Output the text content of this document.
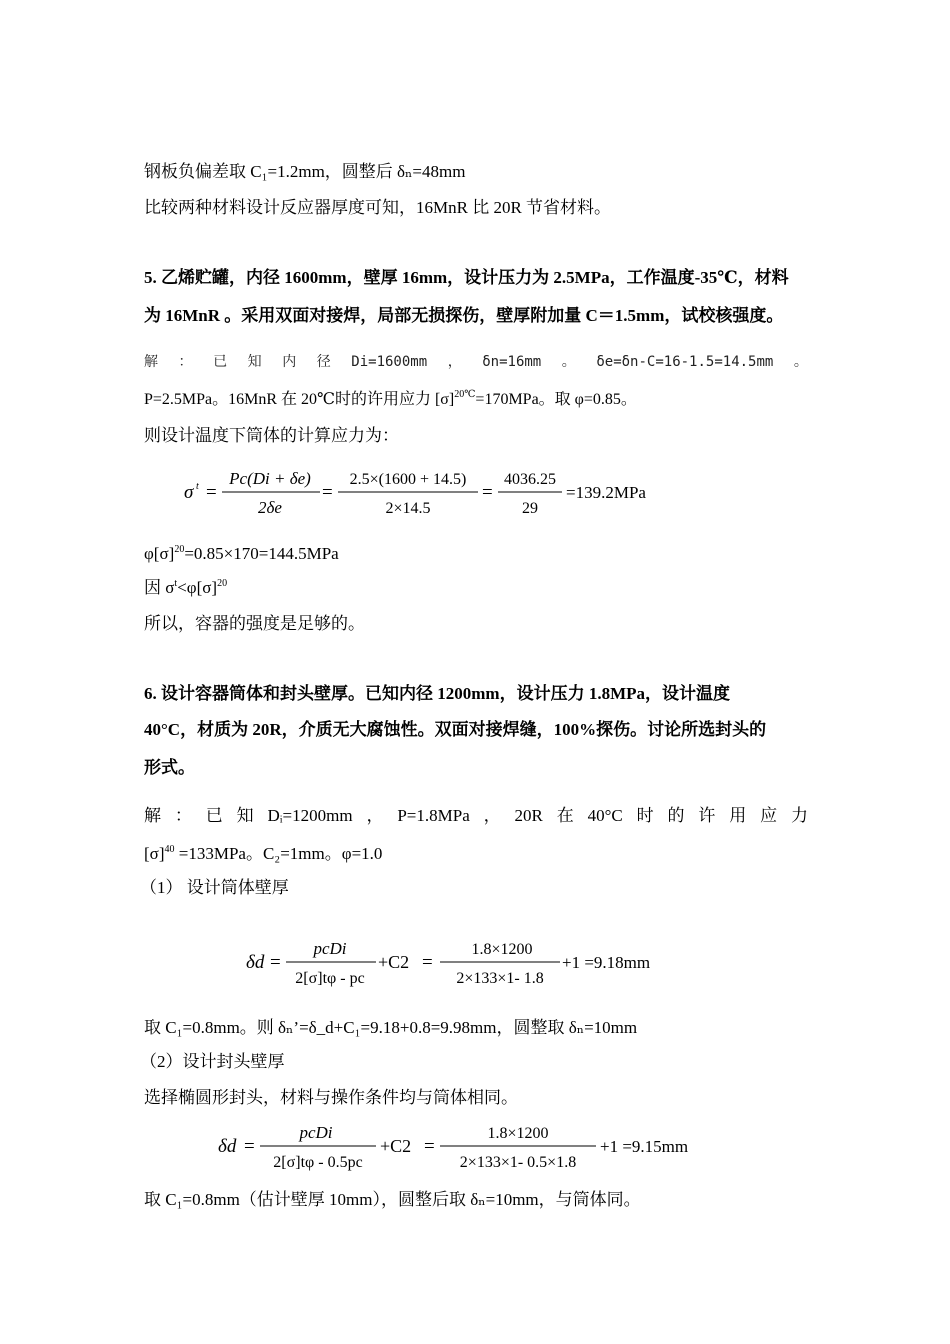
钢板负偏差取 C₁=1.2mm，圆整后 δₙ=48mm
比较两种材料设计反应器厚度可知，16MnR 比 20R 节省材料。
5. 乙烯贮罐，内径 1600mm，壁厚 16mm，设计压力为 2.5MPa，工作温度-35℃，材料
为 16MnR 。采用双面对接焊，局部无损探伤，壁厚附加量 C＝1.5mm，试校核强度。
解 ： 已 知 内 径 Di=1600mm ， δn=16mm 。 δe=δn-C=16-1.5=14.5mm 。
P=2.5MPa。16MnR 在 20℃时的许用应力 $[\sigma]^{20℃}=170MPa$。取 φ=0.85。
则设计温度下筒体的计算应力为：
σ t =
Pc(Di + δe)
2δe
=
2.5×(1600 + 14.5)
2×14.5
=
4036.25
29
=139.2MPa
$\varphi[\sigma]^{20}=0.85\times 170=144.5MPa$
因 $\sigma^t<\varphi[\sigma]^{20}$
所以，容器的强度是足够的。
6. 设计容器筒体和封头壁厚。已知内径 1200mm，设计压力 1.8MPa，设计温度
40°C，材质为 20R，介质无大腐蚀性。双面对接焊缝，100%探伤。讨论所选封头的
形式。
解 ： 已 知 Dᵢ=1200mm ， P=1.8MPa ， 20R 在 40°C 时 的 许 用 应 力
$[\sigma]^{40} =133MPa$。C₂=1mm。φ=1.0
（1） 设计筒体壁厚
δd =
pcDi
2[σ]tφ - pc
+C2 =
1.8×1200
2×133×1- 1.8
+1 =9.18mm
取 C₁=0.8mm。则 δₙ’=δ_d+C₁=9.18+0.8=9.98mm，圆整取 δₙ=10mm
（2）设计封头壁厚
选择椭圆形封头，材料与操作条件均与筒体相同。
δd =
pcDi
2[σ]tφ - 0.5pc
+C2 =
1.8×1200
2×133×1- 0.5×1.8
+1 =9.15mm
取 C₁=0.8mm（估计壁厚 10mm），圆整后取 δₙ=10mm，与筒体同。
